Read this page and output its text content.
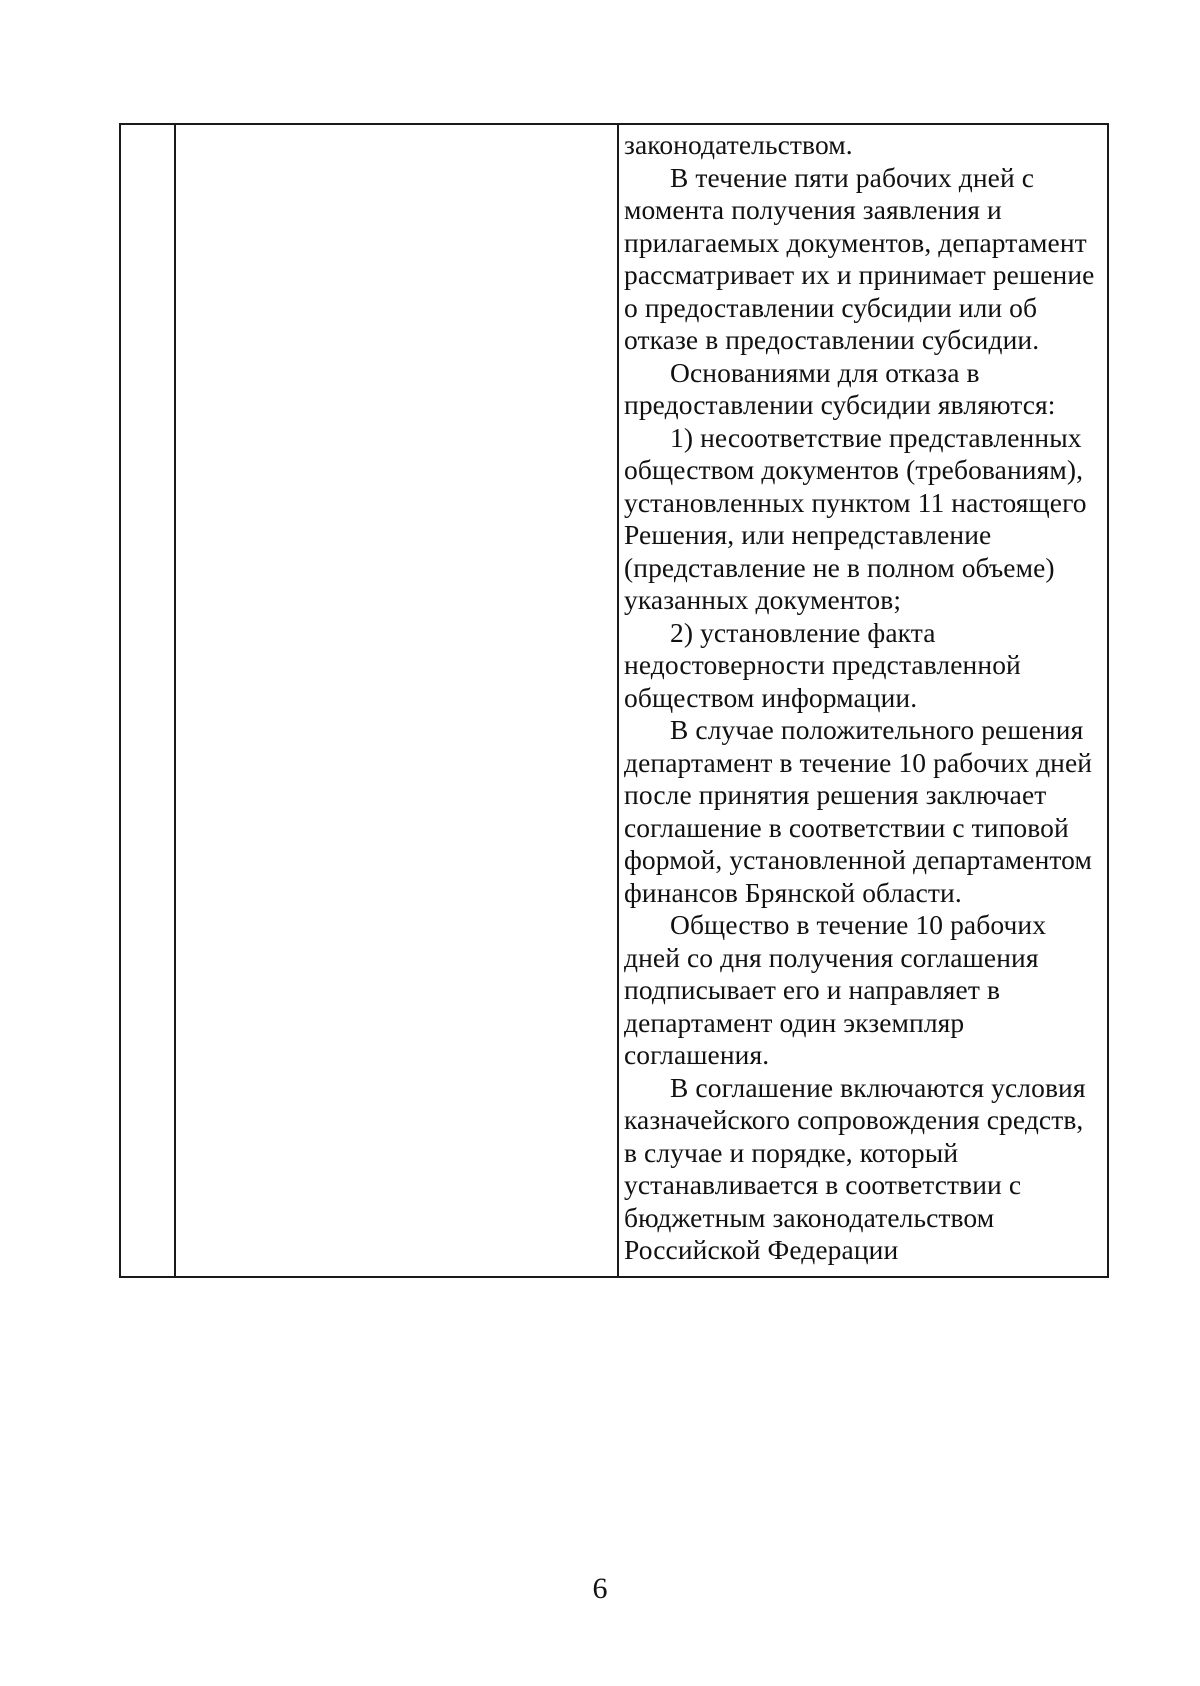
законодательством.

В течение пяти рабочих дней с
момента получения заявления и
прилагаемых документов, департамент
рассматривает их и принимает решение
о предоставлении субсидии или об
отказе в предоставлении субсидии.

Основаниями для отказа в
предоставлении субсидии являются:

1) несоответствие представленных
обществом документов (требованиям),
установленных пунктом 11 настоящего
Решения, или непредставление
(представление не в полном объеме)
указанных документов;

2) установление факта
недостоверности представленной
обществом информации.

В случае положительного решения
департамент в течение 10 рабочих дней
после принятия решения заключает
соглашение в соответствии с типовой
формой, установленной департаментом
финансов Брянской области.

Общество в течение 10 рабочих
дней со дня получения соглашения
подписывает его и направляет в
департамент один экземпляр
соглашения.

В соглашение включаются условия
казначейского сопровождения средств,
в случае и порядке, который
устанавливается в соответствии с
бюджетным законодательством
Российской Федерации

6
